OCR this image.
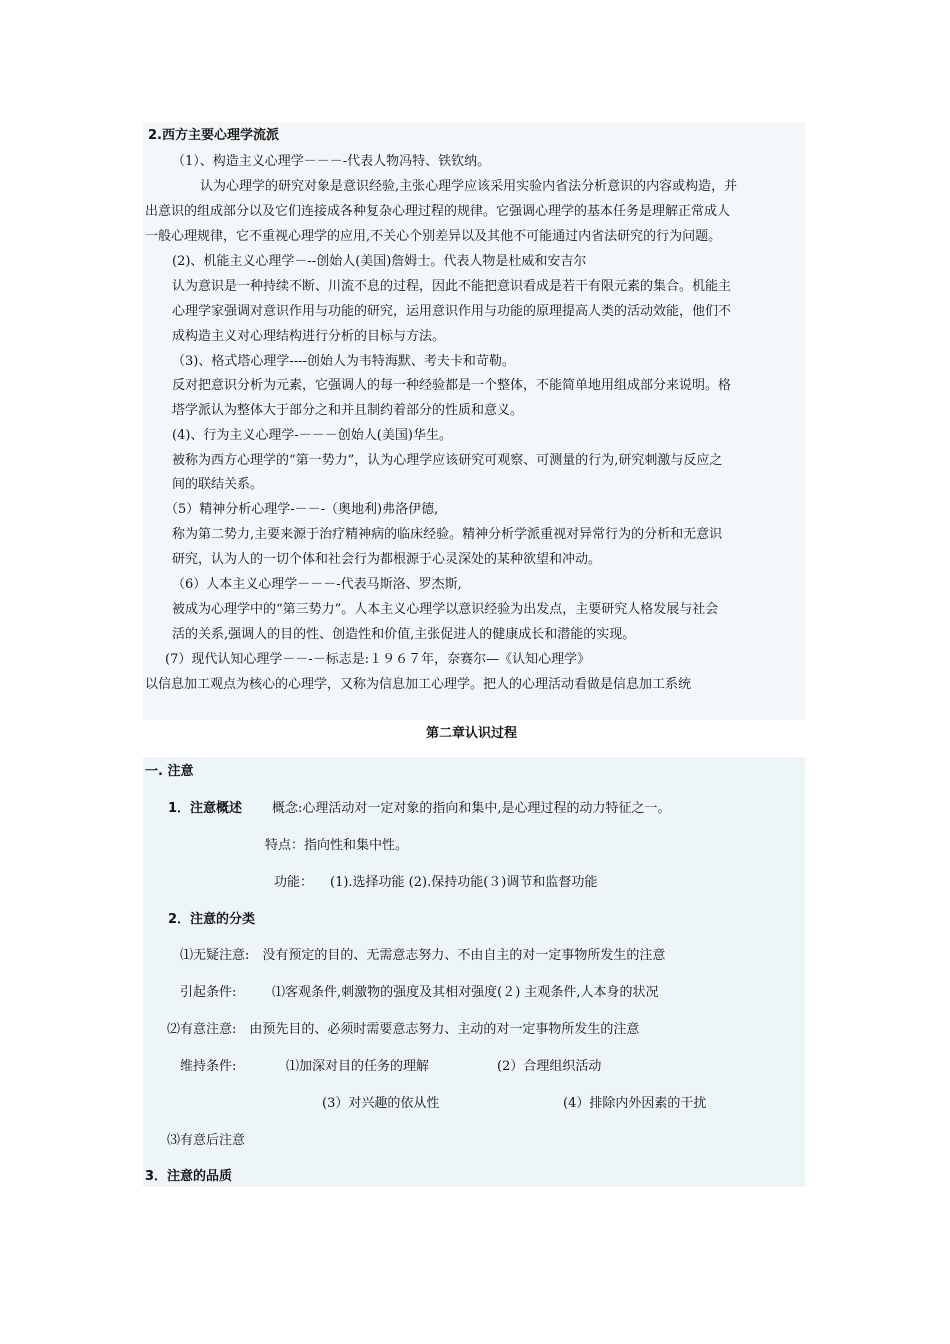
2.西方主要心理学流派
（1）、构造主义心理学－－－-代表人物冯特、铁钦纳。
认为心理学的研究对象是意识经验,主张心理学应该采用实验内省法分析意识的内容或构造，并
出意识的组成部分以及它们连接成各种复杂心理过程的规律。它强调心理学的基本任务是理解正常成人
一般心理规律，它不重视心理学的应用,不关心个别差异以及其他不可能通过内省法研究的行为问题。
(2)、机能主义心理学－--创始人(美国)詹姆士。代表人物是杜威和安吉尔
认为意识是一种持续不断、川流不息的过程，因此不能把意识看成是若干有限元素的集合。机能主
心理学家强调对意识作用与功能的研究，运用意识作用与功能的原理提高人类的活动效能，他们不
成构造主义对心理结构进行分析的目标与方法。
（3)、格式塔心理学----创始人为韦特海默、考夫卡和苛勒。
反对把意识分析为元素，它强调人的每一种经验都是一个整体，不能简单地用组成部分来说明。格
塔学派认为整体大于部分之和并且制约着部分的性质和意义。
(4)、行为主义心理学-－－－创始人(美国)华生。
被称为西方心理学的“第一势力”，认为心理学应该研究可观察、可测量的行为,研究刺激与反应之
间的联结关系。
（5）精神分析心理学-－－-（奥地利)弗洛伊德,
称为第二势力,主要来源于治疗精神病的临床经验。精神分析学派重视对异常行为的分析和无意识
研究，认为人的一切个体和社会行为都根源于心灵深处的某种欲望和冲动。
（6）人本主义心理学－－－-代表马斯洛、罗杰斯,
被成为心理学中的“第三势力”。人本主义心理学以意识经验为出发点，主要研究人格发展与社会
活的关系,强调人的目的性、创造性和价值,主张促进人的健康成长和潜能的实现。
(7）现代认知心理学－－-－标志是:１９６７年，奈赛尔—《认知心理学》
以信息加工观点为核心的心理学，又称为信息加工心理学。把人的心理活动看做是信息加工系统
第二章认识过程
一. 注意
1．注意概述 概念:心理活动对一定对象的指向和集中,是心理过程的动力特征之一。
特点：指向性和集中性。
功能： (1).选择功能 (2).保持功能(３)调节和监督功能
2．注意的分类
⑴无疑注意:　没有预定的目的、无需意志努力、不由自主的对一定事物所发生的注意
引起条件:	⑴客观条件,刺激物的强度及其相对强度(２) 主观条件,人本身的状况
⑵有意注意:　由预先目的、必须时需要意志努力、主动的对一定事物所发生的注意
维持条件:	⑴加深对目的任务的理解	(2）合理组织活动
(3）对兴趣的依从性	(4）排除内外因素的干扰
⑶有意后注意
3．注意的品质
